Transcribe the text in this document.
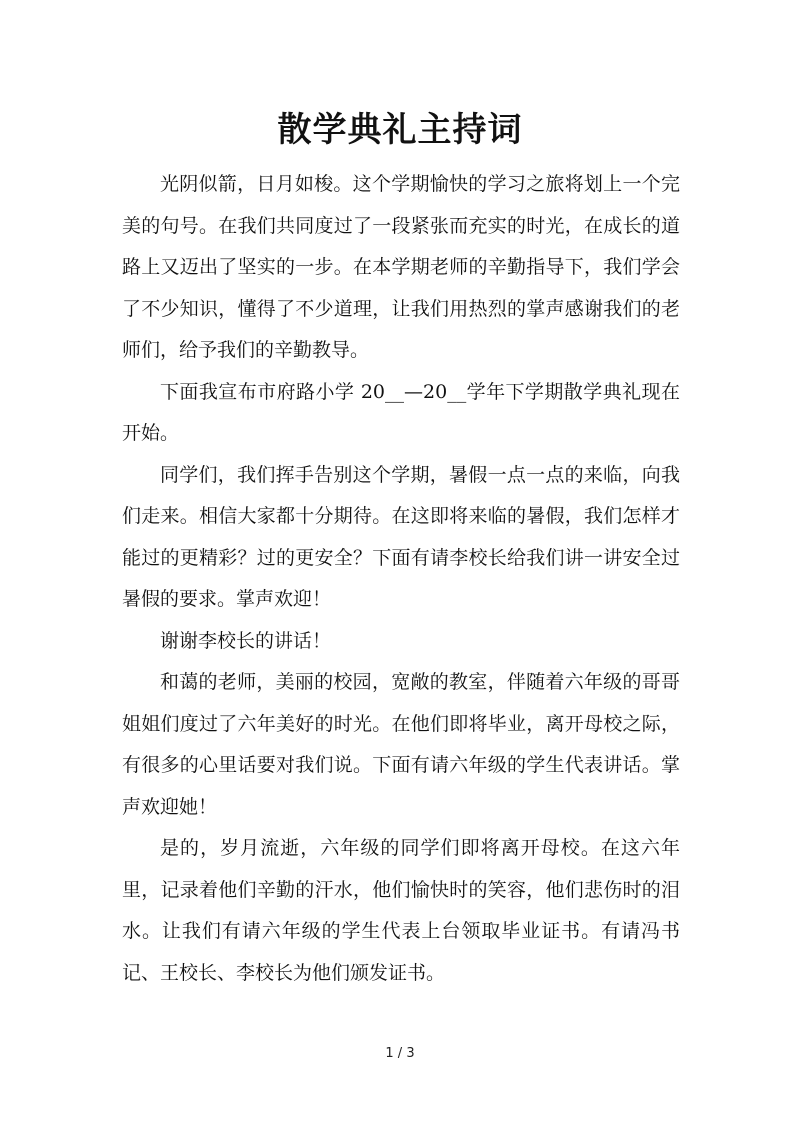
散学典礼主持词

光阴似箭，日月如梭。这个学期愉快的学习之旅将划上一个完美的句号。在我们共同度过了一段紧张而充实的时光，在成长的道路上又迈出了坚实的一步。在本学期老师的辛勤指导下，我们学会了不少知识，懂得了不少道理，让我们用热烈的掌声感谢我们的老师们，给予我们的辛勤教导。

下面我宣布市府路小学 20__—20__学年下学期散学典礼现在开始。

同学们，我们挥手告别这个学期，暑假一点一点的来临，向我们走来。相信大家都十分期待。在这即将来临的暑假，我们怎样才能过的更精彩？过的更安全？下面有请李校长给我们讲一讲安全过暑假的要求。掌声欢迎！

谢谢李校长的讲话！

和蔼的老师，美丽的校园，宽敞的教室，伴随着六年级的哥哥姐姐们度过了六年美好的时光。在他们即将毕业，离开母校之际，有很多的心里话要对我们说。下面有请六年级的学生代表讲话。掌声欢迎她！

是的，岁月流逝，六年级的同学们即将离开母校。在这六年里，记录着他们辛勤的汗水，他们愉快时的笑容，他们悲伤时的泪水。让我们有请六年级的学生代表上台领取毕业证书。有请冯书记、王校长、李校长为他们颁发证书。

1 / 3
